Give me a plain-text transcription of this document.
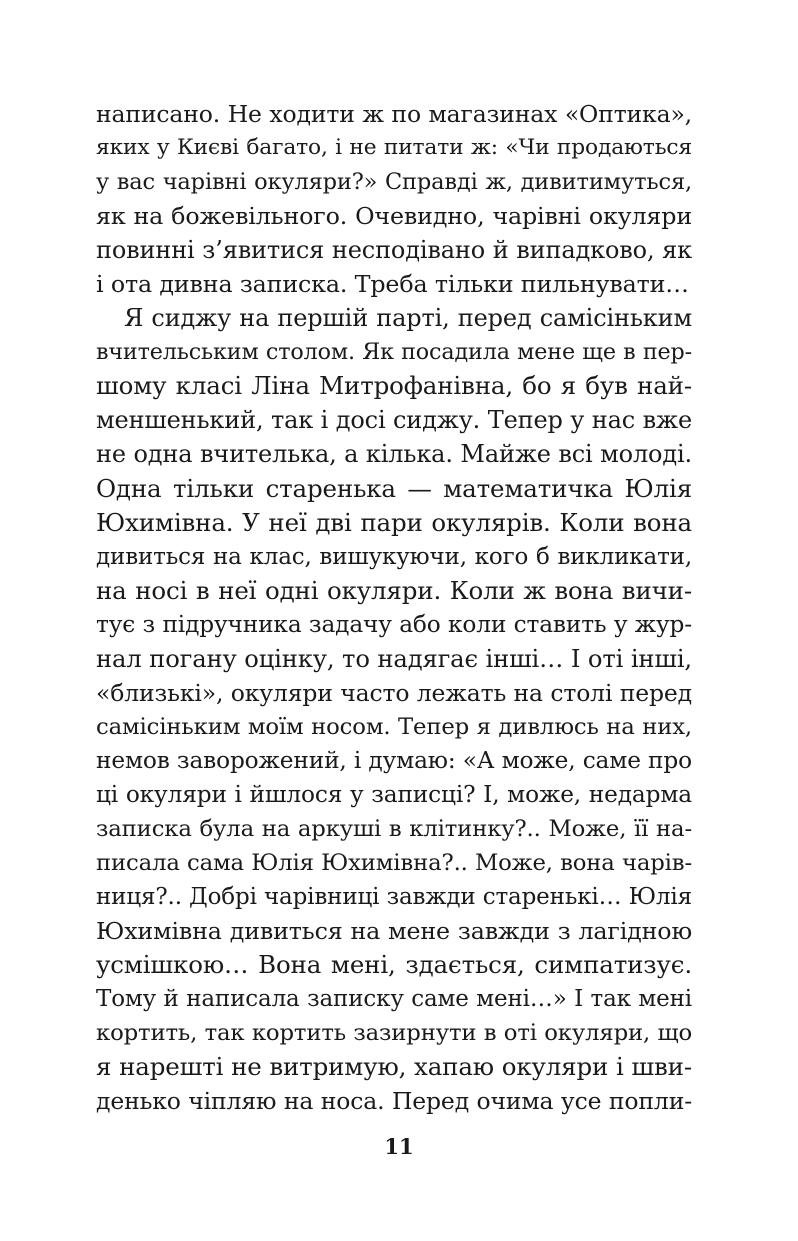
написано. Не ходити ж по магазинах «Оптика»,
яких у Києві багато, і не питати ж: «Чи продаються
у вас чарівні окуляри?» Справді ж, дивитимуться,
як на божевільного. Очевидно, чарівні окуляри
повинні з’явитися несподівано й випадково, як
і ота дивна записка. Треба тільки пильнувати…
Я сиджу на першій парті, перед самісіньким
вчительським столом. Як посадила мене ще в пер-
шому класі Ліна Митрофанівна, бо я був най-
меншенький, так і досі сиджу. Тепер у нас вже
не одна вчителька, а кілька. Майже всі молоді.
Одна тільки старенька — математичка Юлія
Юхимівна. У неї дві пари окулярів. Коли вона
дивиться на клас, вишукуючи, кого б викликати,
на носі в неї одні окуляри. Коли ж вона вичи-
тує з підручника задачу або коли ставить у жур-
нал погану оцінку, то надягає інші… І оті інші,
«близькі», окуляри часто лежать на столі перед
самісіньким моїм носом. Тепер я дивлюсь на них,
немов заворожений, і думаю: «А може, саме про
ці окуляри і йшлося у записці? І, може, недарма
записка була на аркуші в клітинку?.. Може, її на-
писала сама Юлія Юхимівна?.. Може, вона чарів-
ниця?.. Добрі чарівниці завжди старенькі… Юлія
Юхимівна дивиться на мене завжди з лагідною
усмішкою… Вона мені, здається, симпатизує.
Тому й написала записку саме мені…» І так мені
кортить, так кортить зазирнути в оті окуляри, що
я нарешті не витримую, хапаю окуляри і шви-
денько чіпляю на носа. Перед очима усе попли-
11
